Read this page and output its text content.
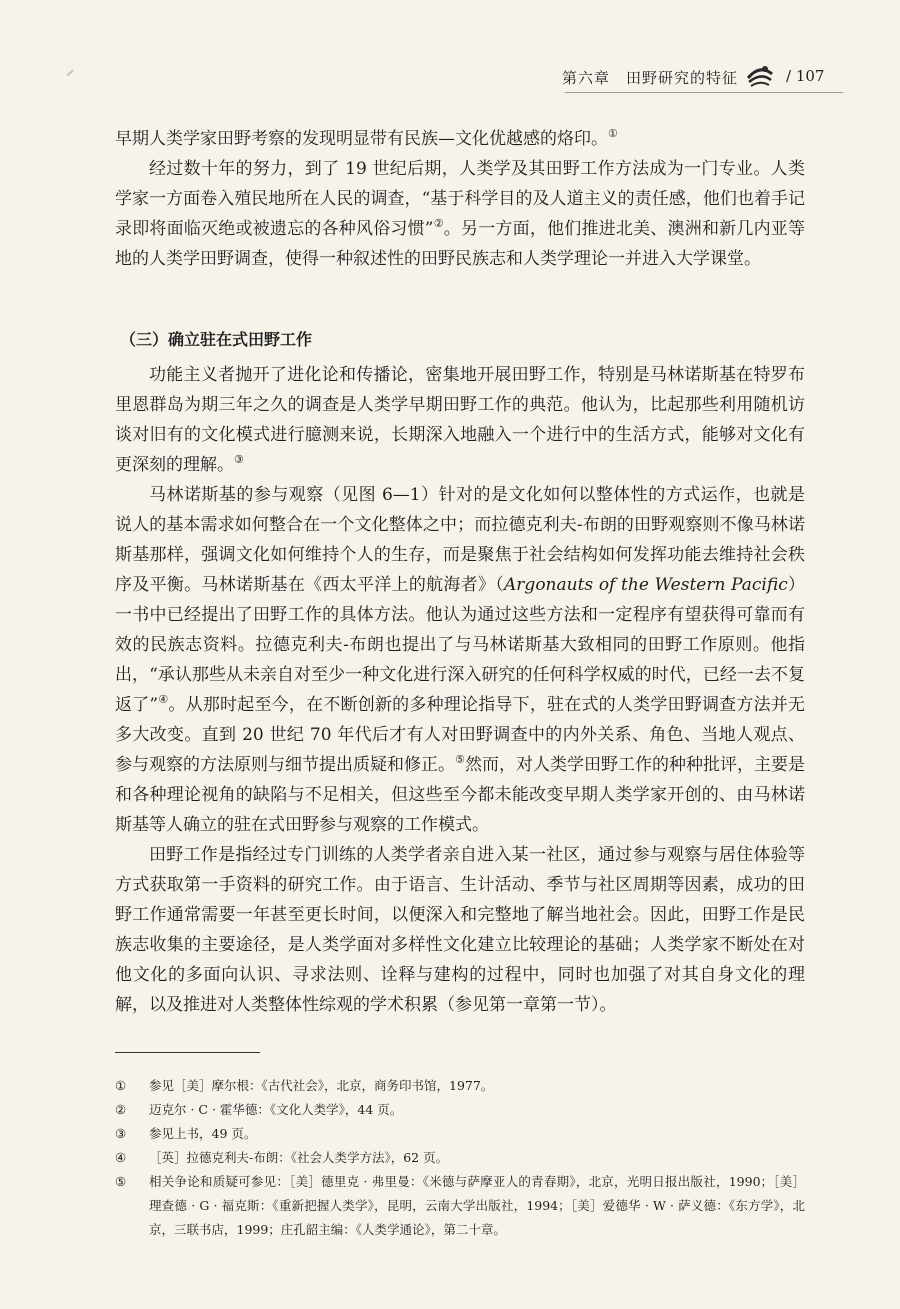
第六章　田野研究的特征	/ 107

早期人类学家田野考察的发现明显带有民族—文化优越感的烙印。①

经过数十年的努力，到了 19 世纪后期，人类学及其田野工作方法成为一门专业。人类学家一方面卷入殖民地所在人民的调查，“基于科学目的及人道主义的责任感，他们也着手记录即将面临灭绝或被遗忘的各种风俗习惯”②。另一方面，他们推进北美、澳洲和新几内亚等地的人类学田野调查，使得一种叙述性的田野民族志和人类学理论一并进入大学课堂。

（三）确立驻在式田野工作

功能主义者抛开了进化论和传播论，密集地开展田野工作，特别是马林诺斯基在特罗布里恩群岛为期三年之久的调查是人类学早期田野工作的典范。他认为，比起那些利用随机访谈对旧有的文化模式进行臆测来说，长期深入地融入一个进行中的生活方式，能够对文化有更深刻的理解。③

马林诺斯基的参与观察（见图 6—1）针对的是文化如何以整体性的方式运作，也就是说人的基本需求如何整合在一个文化整体之中；而拉德克利夫-布朗的田野观察则不像马林诺斯基那样，强调文化如何维持个人的生存，而是聚焦于社会结构如何发挥功能去维持社会秩序及平衡。马林诺斯基在《西太平洋上的航海者》（Argonauts of the Western Pacific）一书中已经提出了田野工作的具体方法。他认为通过这些方法和一定程序有望获得可靠而有效的民族志资料。拉德克利夫-布朗也提出了与马林诺斯基大致相同的田野工作原则。他指出，“承认那些从未亲自对至少一种文化进行深入研究的任何科学权威的时代，已经一去不复返了”④。从那时起至今，在不断创新的多种理论指导下，驻在式的人类学田野调查方法并无多大改变。直到 20 世纪 70 年代后才有人对田野调查中的内外关系、角色、当地人观点、参与观察的方法原则与细节提出质疑和修正。⑤然而，对人类学田野工作的种种批评，主要是和各种理论视角的缺陷与不足相关，但这些至今都未能改变早期人类学家开创的、由马林诺斯基等人确立的驻在式田野参与观察的工作模式。

田野工作是指经过专门训练的人类学者亲自进入某一社区，通过参与观察与居住体验等方式获取第一手资料的研究工作。由于语言、生计活动、季节与社区周期等因素，成功的田野工作通常需要一年甚至更长时间，以便深入和完整地了解当地社会。因此，田野工作是民族志收集的主要途径，是人类学面对多样性文化建立比较理论的基础；人类学家不断处在对他文化的多面向认识、寻求法则、诠释与建构的过程中，同时也加强了对其自身文化的理解，以及推进对人类整体性综观的学术积累（参见第一章第一节）。

①	参见［美］摩尔根：《古代社会》，北京，商务印书馆，1977。
②	迈克尔 · C · 霍华德：《文化人类学》，44 页。
③	参见上书，49 页。
④	［英］拉德克利夫-布朗：《社会人类学方法》，62 页。
⑤	相关争论和质疑可参见：［美］德里克 · 弗里曼：《米德与萨摩亚人的青春期》，北京，光明日报出版社，1990；［美］理查德 · G · 福克斯：《重新把握人类学》，昆明，云南大学出版社，1994；［美］爱德华 · W · 萨义德：《东方学》，北京，三联书店，1999；庄孔韶主编：《人类学通论》，第二十章。
